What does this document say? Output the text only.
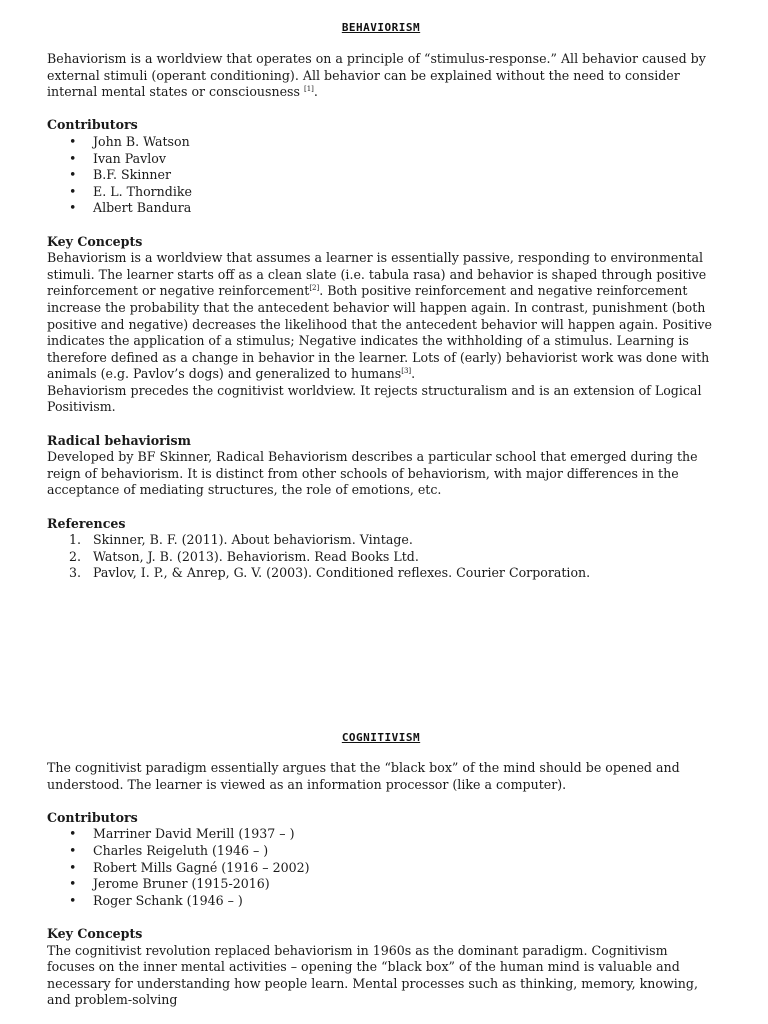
BEHAVIORISM

Behaviorism is a worldview that operates on a principle of “stimulus-response.” All behavior caused by external stimuli (operant conditioning). All behavior can be explained without the need to consider internal mental states or consciousness [1].

Contributors

• John B. Watson
• Ivan Pavlov
• B.F. Skinner
• E. L. Thorndike
• Albert Bandura

Key Concepts

Behaviorism is a worldview that assumes a learner is essentially passive, responding to environmental stimuli. The learner starts off as a clean slate (i.e. tabula rasa) and behavior is shaped through positive reinforcement or negative reinforcement[2]. Both positive reinforcement and negative reinforcement increase the probability that the antecedent behavior will happen again. In contrast, punishment (both positive and negative) decreases the likelihood that the antecedent behavior will happen again. Positive indicates the application of a stimulus; Negative indicates the withholding of a stimulus. Learning is therefore defined as a change in behavior in the learner. Lots of (early) behaviorist work was done with animals (e.g. Pavlov’s dogs) and generalized to humans[3].

Behaviorism precedes the cognitivist worldview. It rejects structuralism and is an extension of Logical Positivism.

Radical behaviorism

Developed by BF Skinner, Radical Behaviorism describes a particular school that emerged during the reign of behaviorism. It is distinct from other schools of behaviorism, with major differences in the acceptance of mediating structures, the role of emotions, etc.

References

1. Skinner, B. F. (2011). About behaviorism. Vintage.
2. Watson, J. B. (2013). Behaviorism. Read Books Ltd.
3. Pavlov, I. P., & Anrep, G. V. (2003). Conditioned reflexes. Courier Corporation.
COGNITIVISM

The cognitivist paradigm essentially argues that the “black box” of the mind should be opened and understood. The learner is viewed as an information processor (like a computer).

Contributors

• Marriner David Merill (1937 – )
• Charles Reigeluth (1946 – )
• Robert Mills Gagné (1916 – 2002)
• Jerome Bruner (1915-2016)
• Roger Schank (1946 – )

Key Concepts

The cognitivist revolution replaced behaviorism in 1960s as the dominant paradigm. Cognitivism focuses on the inner mental activities – opening the “black box” of the human mind is valuable and necessary for understanding how people learn. Mental processes such as thinking, memory, knowing, and problem-solving
